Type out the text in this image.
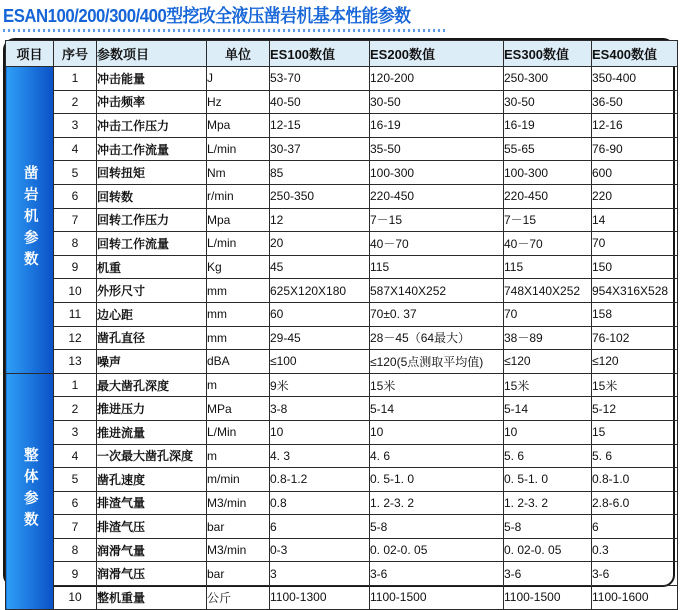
ESAN100/200/300/400型挖改全液压凿岩机基本性能参数
项目	序号	参数项目	单位	ES100数值	ES200数值	ES300数值	ES400数值
凿岩机参数	1	冲击能量	J	53-70	120-200	250-300	350-400
	2	冲击频率	Hz	40-50	30-50	30-50	36-50
	3	冲击工作压力	Mpa	12-15	16-19	16-19	12-16
	4	冲击工作流量	L/min	30-37	35-50	55-65	76-90
	5	回转扭矩	Nm	85	100-300	100-300	600
	6	回转数	r/min	250-350	220-450	220-450	220
	7	回转工作压力	Mpa	12	7－15	7－15	14
	8	回转工作流量	L/min	20	40－70	40－70	70
	9	机重	Kg	45	115	115	150
	10	外形尺寸	mm	625X120X180	587X140X252	748X140X252	954X316X528
	11	边心距	mm	60	70±0. 37	70	158
	12	凿孔直径	mm	29-45	28－45（64最大）	38－89	76-102
	13	噪声	dBA	≤100	≤120(5点测取平均值)	≤120	≤120
整体参数	1	最大凿孔深度	m	9米	15米	15米	15米
	2	推进压力	MPa	3-8	5-14	5-14	5-12
	3	推进流量	L/Min	10	10	10	15
	4	一次最大凿孔深度	m	4. 3	4. 6	5. 6	5. 6
	5	凿孔速度	m/min	0.8-1.2	0. 5-1. 0	0. 5-1. 0	0.8-1.0
	6	排渣气量	M3/min	0.8	1. 2-3. 2	1. 2-3. 2	2.8-6.0
	7	排渣气压	bar	6	5-8	5-8	6
	8	润滑气量	M3/min	0-3	0. 02-0. 05	0. 02-0. 05	0.3
	9	润滑气压	bar	3	3-6	3-6	3-6
	10	整机重量	公斤	1100-1300	1100-1500	1100-1500	1100-1600
